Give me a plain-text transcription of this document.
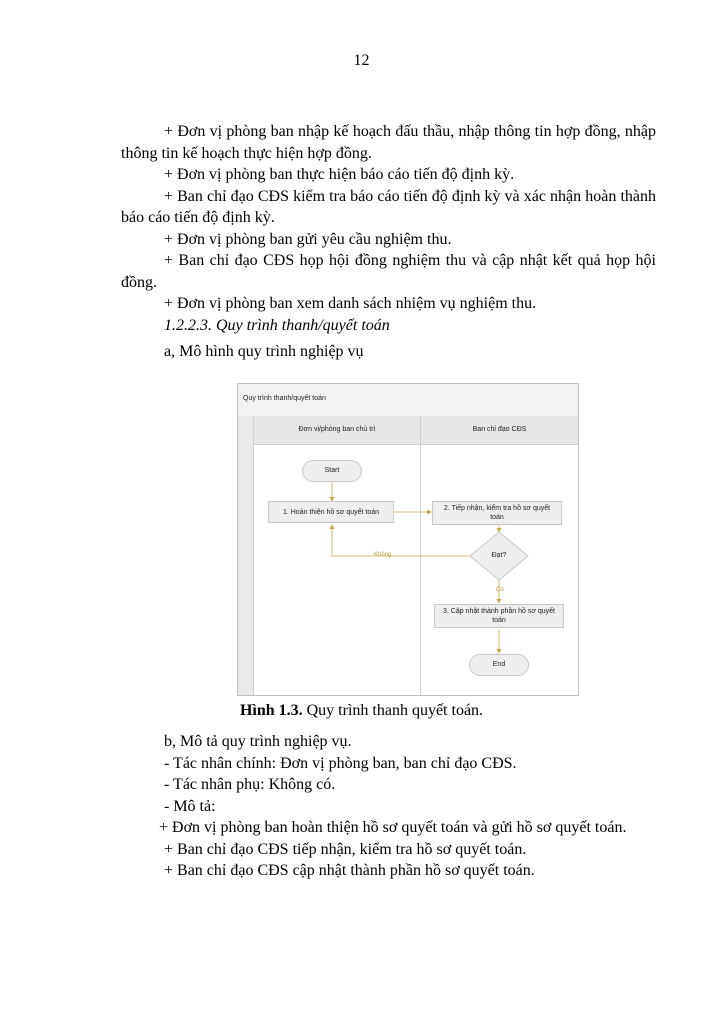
12

+ Đơn vị phòng ban nhập kế hoạch đấu thầu, nhập thông tin hợp đồng, nhập thông tin kế hoạch thực hiện hợp đồng.

+ Đơn vị phòng ban thực hiện báo cáo tiến độ định kỳ.

+ Ban chỉ đạo CĐS kiểm tra báo cáo tiến độ định kỳ và xác nhận hoàn thành báo cáo tiến độ định kỳ.

+ Đơn vị phòng ban gửi yêu cầu nghiệm thu.

+ Ban chỉ đạo CĐS họp hội đồng nghiệm thu và cập nhật kết quả họp hội đồng.

+ Đơn vị phòng ban xem danh sách nhiệm vụ nghiệm thu.

1.2.2.3. Quy trình thanh/quyết toán

a, Mô hình quy trình nghiệp vụ

Quy trình thanh/quyết toán
Đơn vị/phòng ban chủ trì	Ban chỉ đạo CĐS
Start
1. Hoàn thiện hồ sơ quyết toán	2. Tiếp nhận, kiểm tra hồ sơ quyết toán
Đạt?
Không
Có
3. Cập nhật thành phần hồ sơ quyết toán
End
Hình 1.3. Quy trình thanh quyết toán.

b, Mô tả quy trình nghiệp vụ.

- Tác nhân chính: Đơn vị phòng ban, ban chỉ đạo CĐS.

- Tác nhân phụ: Không có.

- Mô tả:

+ Đơn vị phòng ban hoàn thiện hồ sơ quyết toán và gửi hồ sơ quyết toán.

+ Ban chỉ đạo CĐS tiếp nhận, kiểm tra hồ sơ quyết toán.

+ Ban chỉ đạo CĐS cập nhật thành phần hồ sơ quyết toán.
